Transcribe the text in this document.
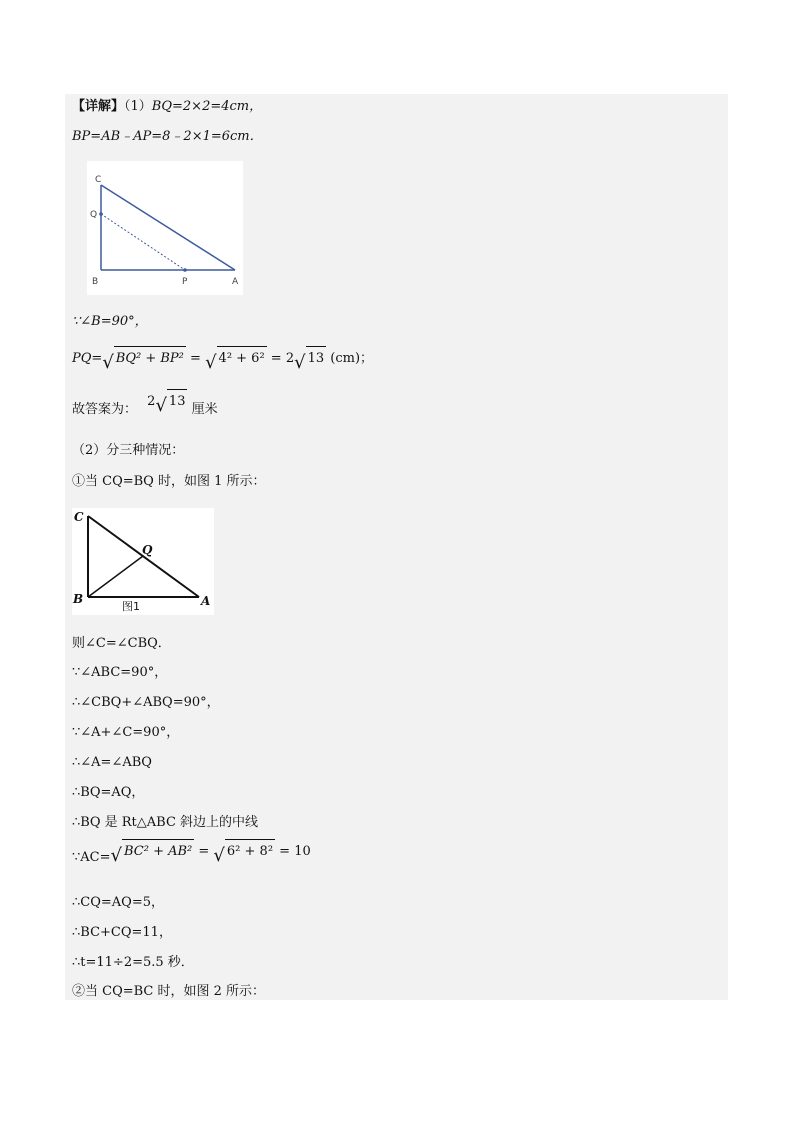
【详解】（1）BQ=2×2=4cm，
BP=AB﹣AP=8﹣2×1=6cm．
C
Q
B	P	A
∵∠B=90°，
PQ= √ BQ² + BP² = √ 4² + 6² = 2 √ 13 (cm)；
故答案为： 2 √ 13
厘米
（2）分三种情况：
①当 CQ=BQ 时，如图 1 所示：
C
Q
B	A
图1
则∠C=∠CBQ．
∵∠ABC=90°，
∴∠CBQ+∠ABQ=90°，
∵∠A+∠C=90°，
∴∠A=∠ABQ
∴BQ=AQ，
∴BQ 是 Rt△ABC 斜边上的中线
∵AC= √ BC² + AB² = √ 6² + 8² = 10
∴CQ=AQ=5，
∴BC+CQ=11，
∴t=11÷2=5.5 秒．
②当 CQ=BC 时，如图 2 所示：
